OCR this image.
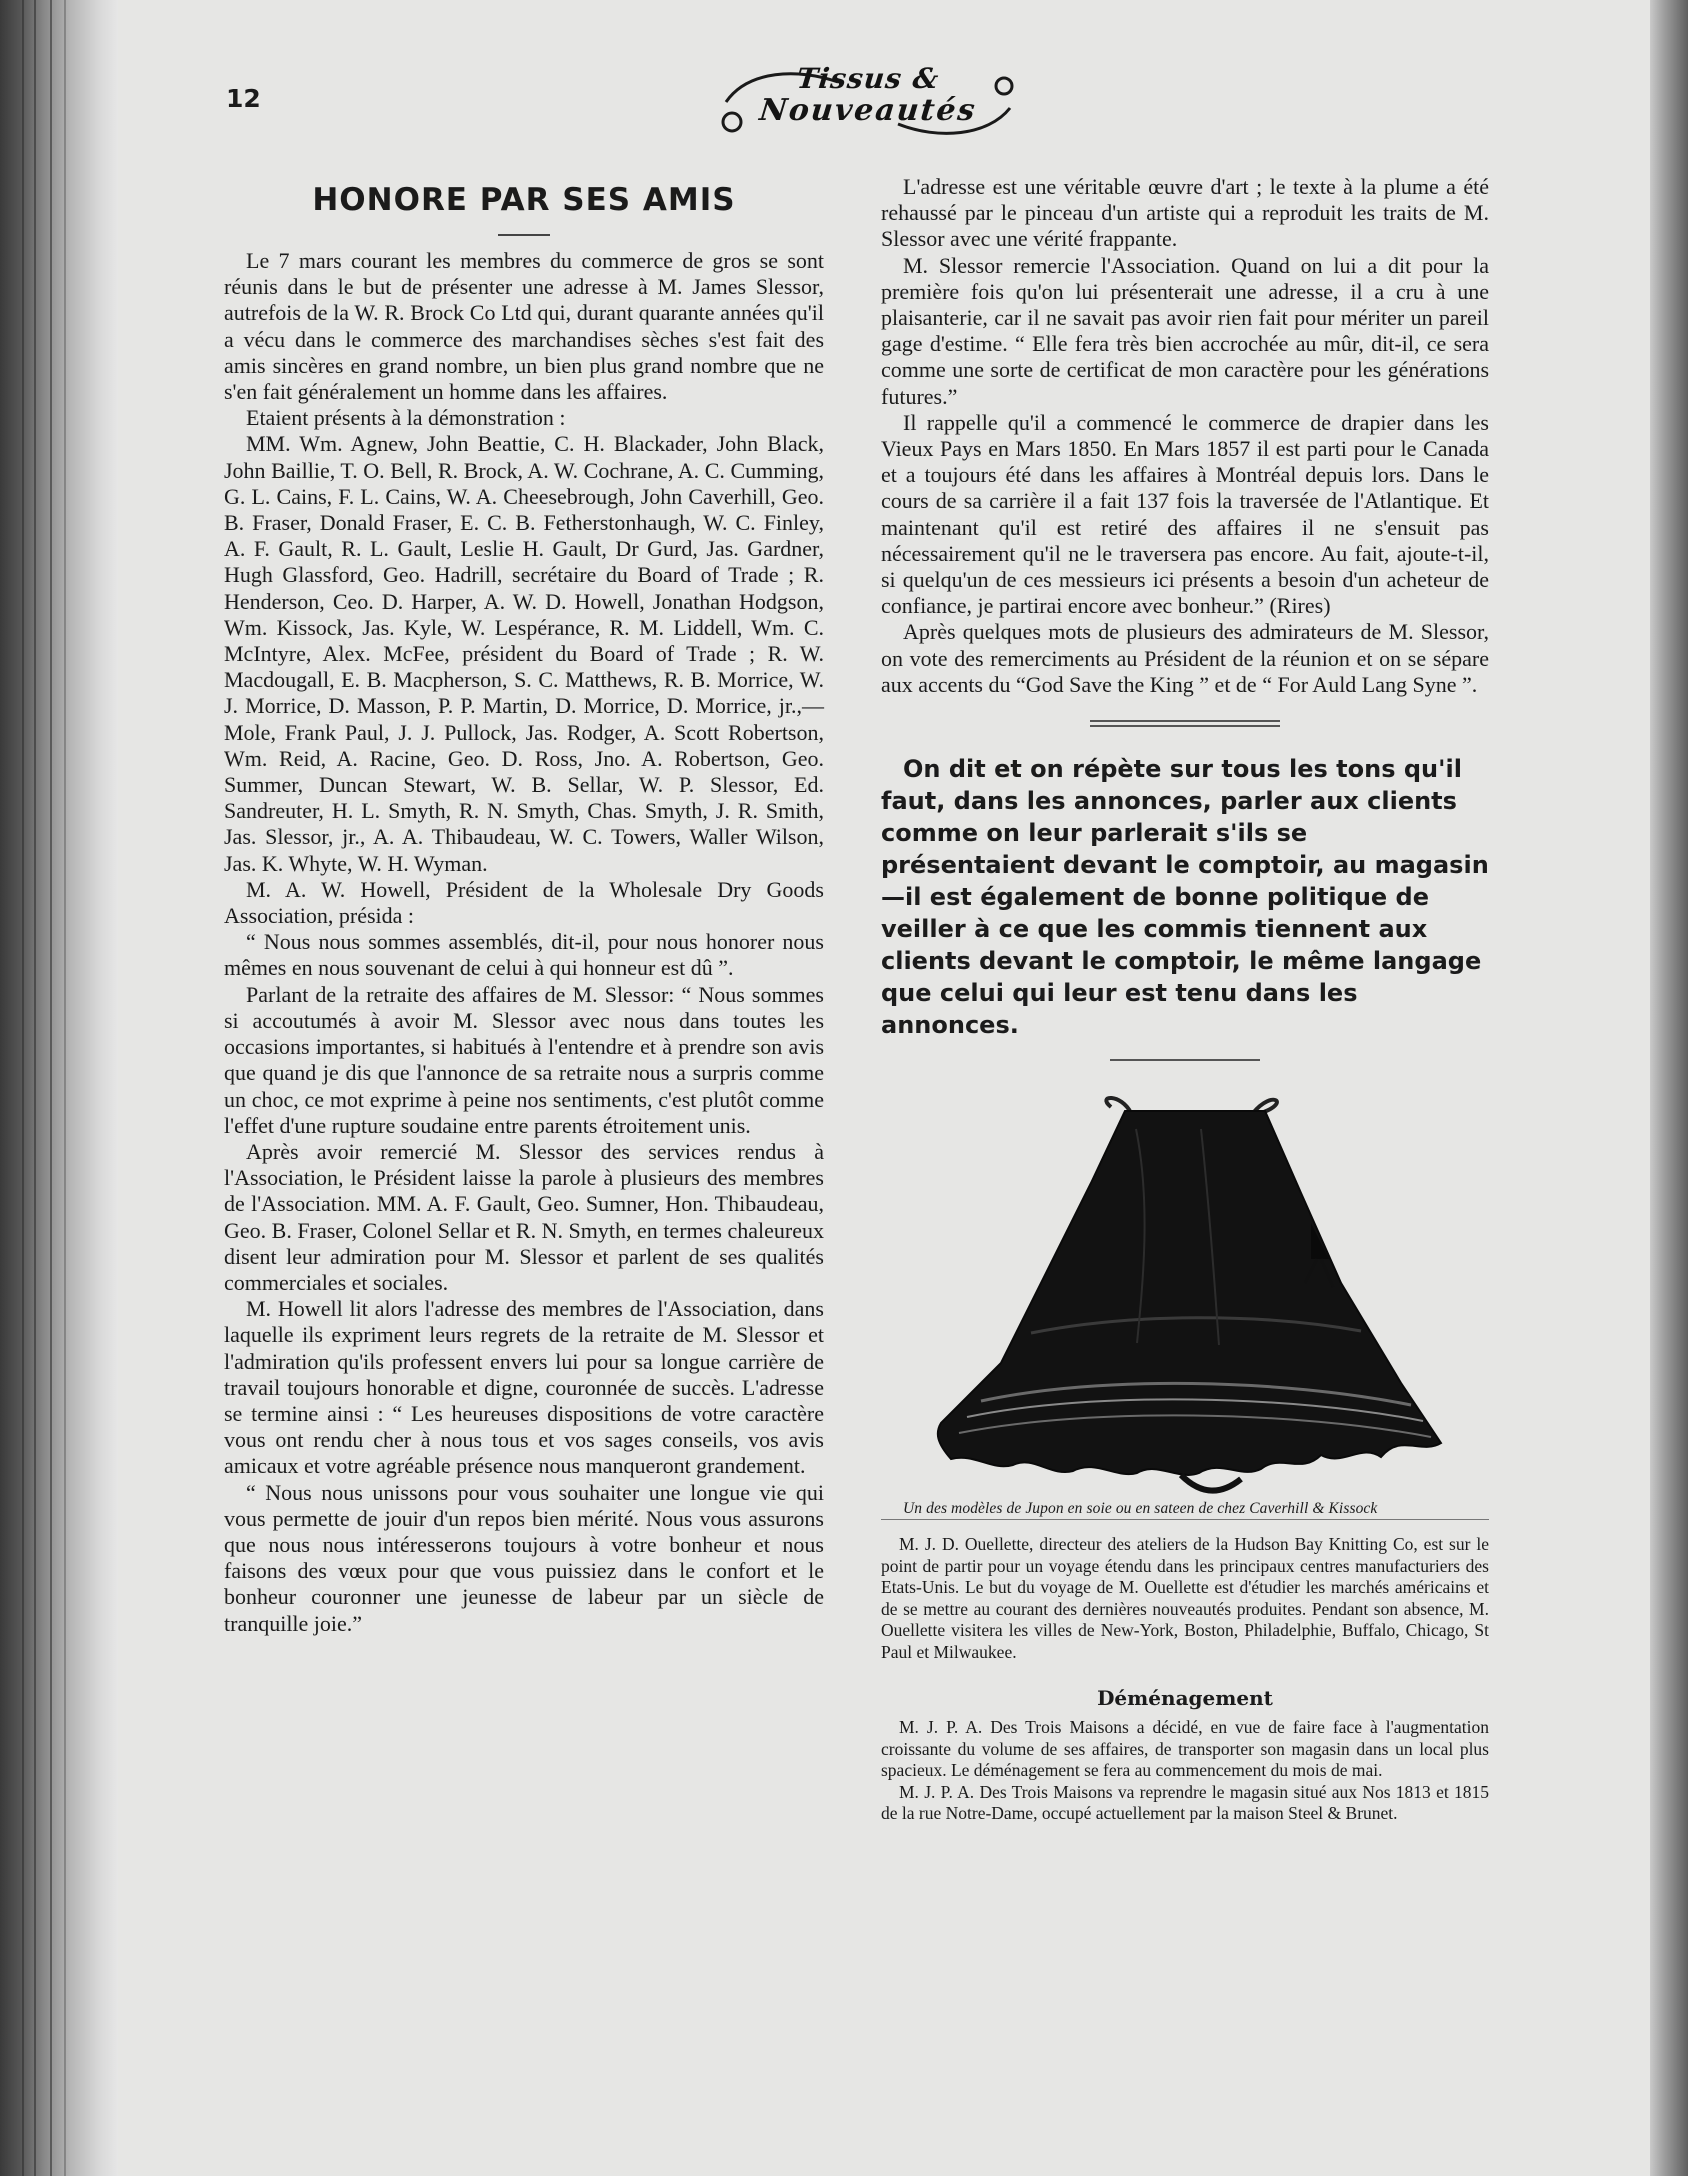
12
Tissus &
Nouveautés
HONORE PAR SES AMIS

Le 7 mars courant les membres du commerce de gros se sont réunis dans le but de présenter une adresse à M. James Slessor, autrefois de la W. R. Brock Co Ltd qui, durant quarante années qu'il a vécu dans le commerce des marchandises sèches s'est fait des amis sincères en grand nombre, un bien plus grand nombre que ne s'en fait généralement un homme dans les affaires.

Etaient présents à la démonstration :

MM. Wm. Agnew, John Beattie, C. H. Blackader, John Black, John Baillie, T. O. Bell, R. Brock, A. W. Cochrane, A. C. Cumming, G. L. Cains, F. L. Cains, W. A. Cheesebrough, John Caverhill, Geo. B. Fraser, Donald Fraser, E. C. B. Fetherstonhaugh, W. C. Finley, A. F. Gault, R. L. Gault, Leslie H. Gault, Dr Gurd, Jas. Gardner, Hugh Glassford, Geo. Hadrill, secrétaire du Board of Trade ; R. Henderson, Ceo. D. Harper, A. W. D. Howell, Jonathan Hodgson, Wm. Kissock, Jas. Kyle, W. Lespérance, R. M. Liddell, Wm. C. McIntyre, Alex. McFee, président du Board of Trade ; R. W. Macdougall, E. B. Macpherson, S. C. Matthews, R. B. Morrice, W. J. Morrice, D. Masson, P. P. Martin, D. Morrice, D. Morrice, jr.,—Mole, Frank Paul, J. J. Pullock, Jas. Rodger, A. Scott Robertson, Wm. Reid, A. Racine, Geo. D. Ross, Jno. A. Robertson, Geo. Summer, Duncan Stewart, W. B. Sellar, W. P. Slessor, Ed. Sandreuter, H. L. Smyth, R. N. Smyth, Chas. Smyth, J. R. Smith, Jas. Slessor, jr., A. A. Thibaudeau, W. C. Towers, Waller Wilson, Jas. K. Whyte, W. H. Wyman.

M. A. W. Howell, Président de la Wholesale Dry Goods Association, présida :

“ Nous nous sommes assemblés, dit-il, pour nous honorer nous mêmes en nous souvenant de celui à qui honneur est dû ”.

Parlant de la retraite des affaires de M. Slessor: “ Nous sommes si accoutumés à avoir M. Slessor avec nous dans toutes les occasions importantes, si habitués à l'entendre et à prendre son avis que quand je dis que l'annonce de sa retraite nous a surpris comme un choc, ce mot exprime à peine nos sentiments, c'est plutôt comme l'effet d'une rupture soudaine entre parents étroitement unis.

Après avoir remercié M. Slessor des services rendus à l'Association, le Président laisse la parole à plusieurs des membres de l'Association. MM. A. F. Gault, Geo. Sumner, Hon. Thibaudeau, Geo. B. Fraser, Colonel Sellar et R. N. Smyth, en termes chaleureux disent leur admiration pour M. Slessor et parlent de ses qualités commerciales et sociales.

M. Howell lit alors l'adresse des membres de l'Association, dans laquelle ils expriment leurs regrets de la retraite de M. Slessor et l'admiration qu'ils professent envers lui pour sa longue carrière de travail toujours honorable et digne, couronnée de succès. L'adresse se termine ainsi : “ Les heureuses dispositions de votre caractère vous ont rendu cher à nous tous et vos sages conseils, vos avis amicaux et votre agréable présence nous manqueront grandement.

“ Nous nous unissons pour vous souhaiter une longue vie qui vous permette de jouir d'un repos bien mérité. Nous vous assurons que nous nous intéresserons toujours à votre bonheur et nous faisons des vœux pour que vous puissiez dans le confort et le bonheur couronner une jeunesse de labeur par un siècle de tranquille joie.”

L'adresse est une véritable œuvre d'art ; le texte à la plume a été rehaussé par le pinceau d'un artiste qui a reproduit les traits de M. Slessor avec une vérité frappante.

M. Slessor remercie l'Association. Quand on lui a dit pour la première fois qu'on lui présenterait une adresse, il a cru à une plaisanterie, car il ne savait pas avoir rien fait pour mériter un pareil gage d'estime. “ Elle fera très bien accrochée au mûr, dit-il, ce sera comme une sorte de certificat de mon caractère pour les générations futures.”

Il rappelle qu'il a commencé le commerce de drapier dans les Vieux Pays en Mars 1850. En Mars 1857 il est parti pour le Canada et a toujours été dans les affaires à Montréal depuis lors. Dans le cours de sa carrière il a fait 137 fois la traversée de l'Atlantique. Et maintenant qu'il est retiré des affaires il ne s'ensuit pas nécessairement qu'il ne le traversera pas encore. Au fait, ajoute-t-il, si quelqu'un de ces messieurs ici présents a besoin d'un acheteur de confiance, je partirai encore avec bonheur.” (Rires)

Après quelques mots de plusieurs des admirateurs de M. Slessor, on vote des remerciments au Président de la réunion et on se sépare aux accents du “God Save the King ” et de “ For Auld Lang Syne ”.

On dit et on répète sur tous les tons qu'il faut, dans les annonces, parler aux clients comme on leur parlerait s'ils se présentaient devant le comptoir, au magasin—il est également de bonne politique de veiller à ce que les commis tiennent aux clients devant le comptoir, le même langage que celui qui leur est tenu dans les annonces.

Un des modèles de Jupon en soie ou en sateen de chez Caverhill & Kissock

M. J. D. Ouellette, directeur des ateliers de la Hudson Bay Knitting Co, est sur le point de partir pour un voyage étendu dans les principaux centres manufacturiers des Etats-Unis. Le but du voyage de M. Ouellette est d'étudier les marchés américains et de se mettre au courant des dernières nouveautés produites. Pendant son absence, M. Ouellette visitera les villes de New-York, Boston, Philadelphie, Buffalo, Chicago, St Paul et Milwaukee.

Déménagement

M. J. P. A. Des Trois Maisons a décidé, en vue de faire face à l'augmentation croissante du volume de ses affaires, de transporter son magasin dans un local plus spacieux. Le déménagement se fera au commencement du mois de mai.

M. J. P. A. Des Trois Maisons va reprendre le magasin situé aux Nos 1813 et 1815 de la rue Notre-Dame, occupé actuellement par la maison Steel & Brunet.
